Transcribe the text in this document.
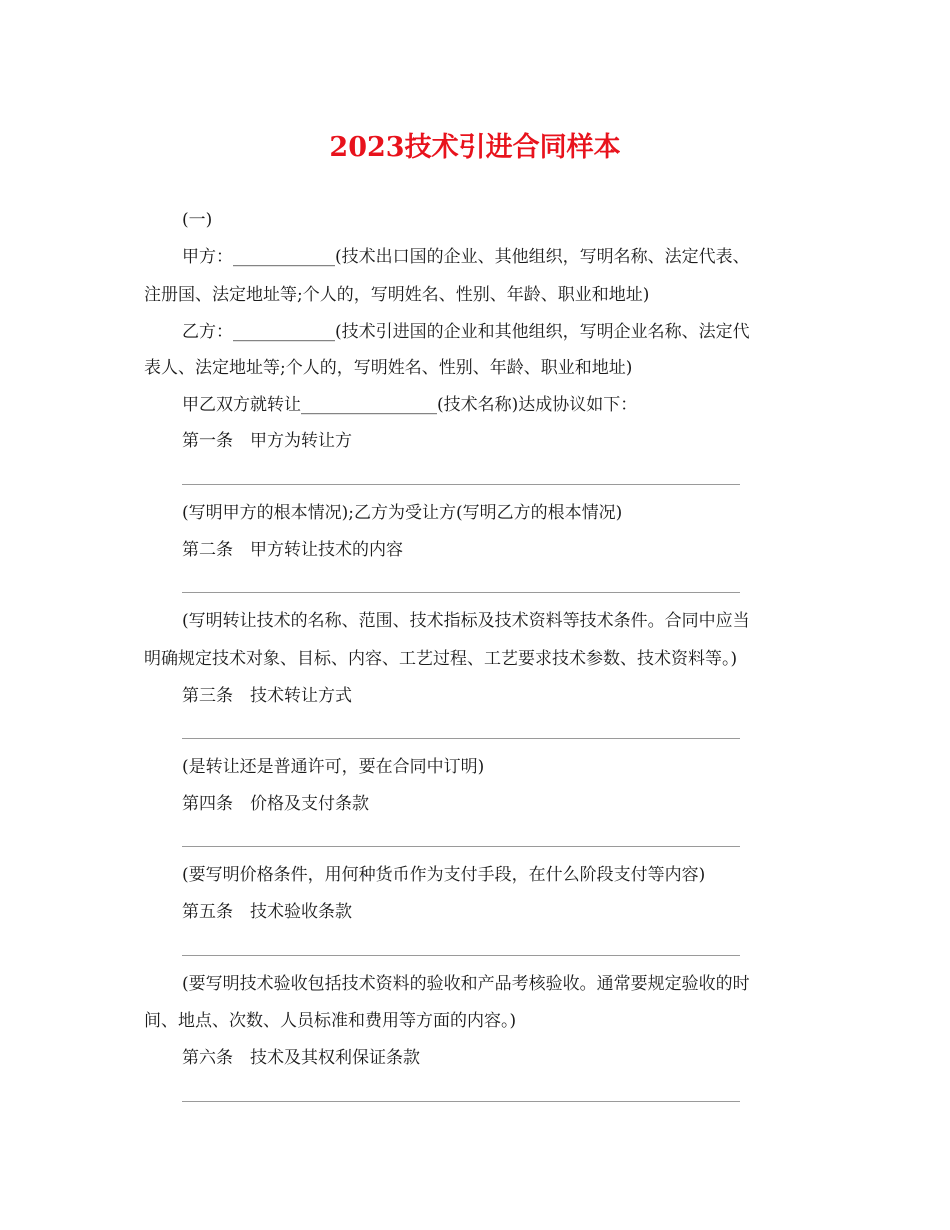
2023技术引进合同样本
(一)
甲方：____________(技术出口国的企业、其他组织，写明名称、法定代表、
注册国、法定地址等;个人的，写明姓名、性别、年龄、职业和地址)
乙方：____________(技术引进国的企业和其他组织，写明企业名称、法定代
表人、法定地址等;个人的，写明姓名、性别、年龄、职业和地址)
甲乙双方就转让________________(技术名称)达成协议如下：
第一条　甲方为转让方
(写明甲方的根本情况);乙方为受让方(写明乙方的根本情况)
第二条　甲方转让技术的内容
(写明转让技术的名称、范围、技术指标及技术资料等技术条件。合同中应当
明确规定技术对象、目标、内容、工艺过程、工艺要求技术参数、技术资料等。)
第三条　技术转让方式
(是转让还是普通许可，要在合同中订明)
第四条　价格及支付条款
(要写明价格条件，用何种货币作为支付手段，在什么阶段支付等内容)
第五条　技术验收条款
(要写明技术验收包括技术资料的验收和产品考核验收。通常要规定验收的时
间、地点、次数、人员标准和费用等方面的内容。)
第六条　技术及其权利保证条款
